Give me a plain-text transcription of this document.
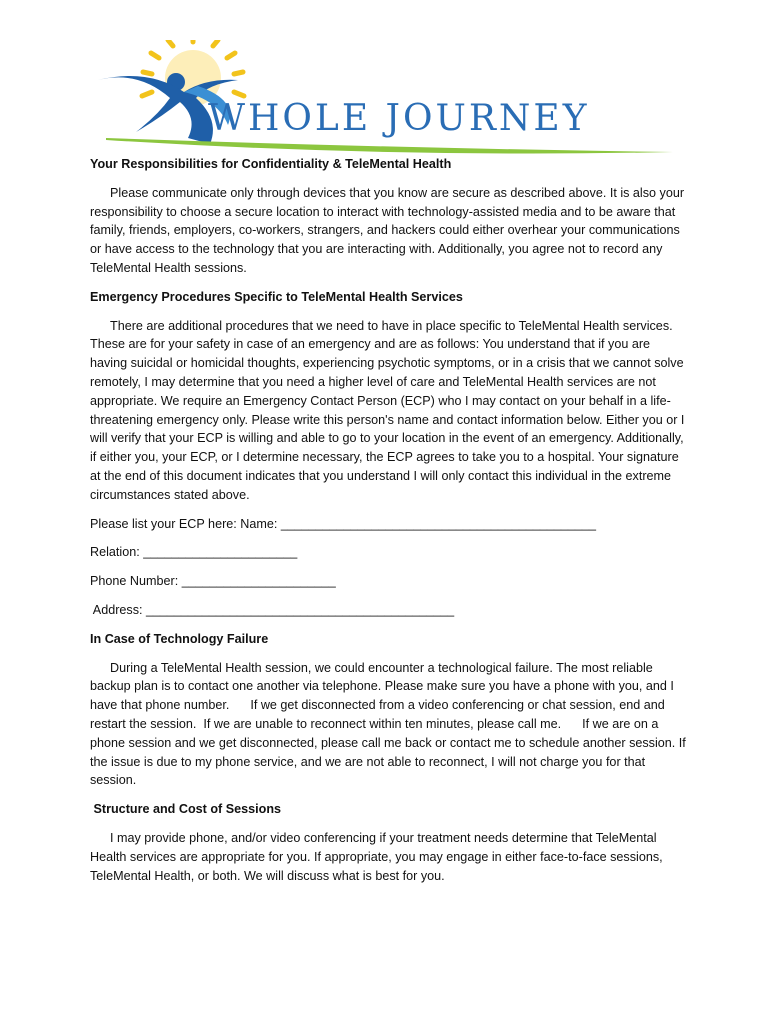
WHOLE JOURNEY
Your Responsibilities for Confidentiality & TeleMental Health
Please communicate only through devices that you know are secure as described above. It is also your responsibility to choose a secure location to interact with technology-assisted media and to be aware that family, friends, employers, co-workers, strangers, and hackers could either overhear your communications or have access to the technology that you are interacting with. Additionally, you agree not to record any TeleMental Health sessions.
Emergency Procedures Specific to TeleMental Health Services
There are additional procedures that we need to have in place specific to TeleMental Health services. These are for your safety in case of an emergency and are as follows: You understand that if you are having suicidal or homicidal thoughts, experiencing psychotic symptoms, or in a crisis that we cannot solve remotely, I may determine that you need a higher level of care and TeleMental Health services are not appropriate. We require an Emergency Contact Person (ECP) who I may contact on your behalf in a life-threatening emergency only. Please write this person's name and contact information below. Either you or I will verify that your ECP is willing and able to go to your location in the event of an emergency. Additionally, if either you, your ECP, or I determine necessary, the ECP agrees to take you to a hospital. Your signature at the end of this document indicates that you understand I will only contact this individual in the extreme circumstances stated above.
Please list your ECP here: Name: _____________________________________________
Relation: ______________________
Phone Number: ______________________
Address: ____________________________________________
In Case of Technology Failure
During a TeleMental Health session, we could encounter a technological failure. The most reliable backup plan is to contact one another via telephone. Please make sure you have a phone with you, and I have that phone number.      If we get disconnected from a video conferencing or chat session, end and restart the session.  If we are unable to reconnect within ten minutes, please call me.      If we are on a phone session and we get disconnected, please call me back or contact me to schedule another session. If the issue is due to my phone service, and we are not able to reconnect, I will not charge you for that session.
Structure and Cost of Sessions
I may provide phone, and/or video conferencing if your treatment needs determine that TeleMental Health services are appropriate for you. If appropriate, you may engage in either face-to-face sessions, TeleMental Health, or both. We will discuss what is best for you.
